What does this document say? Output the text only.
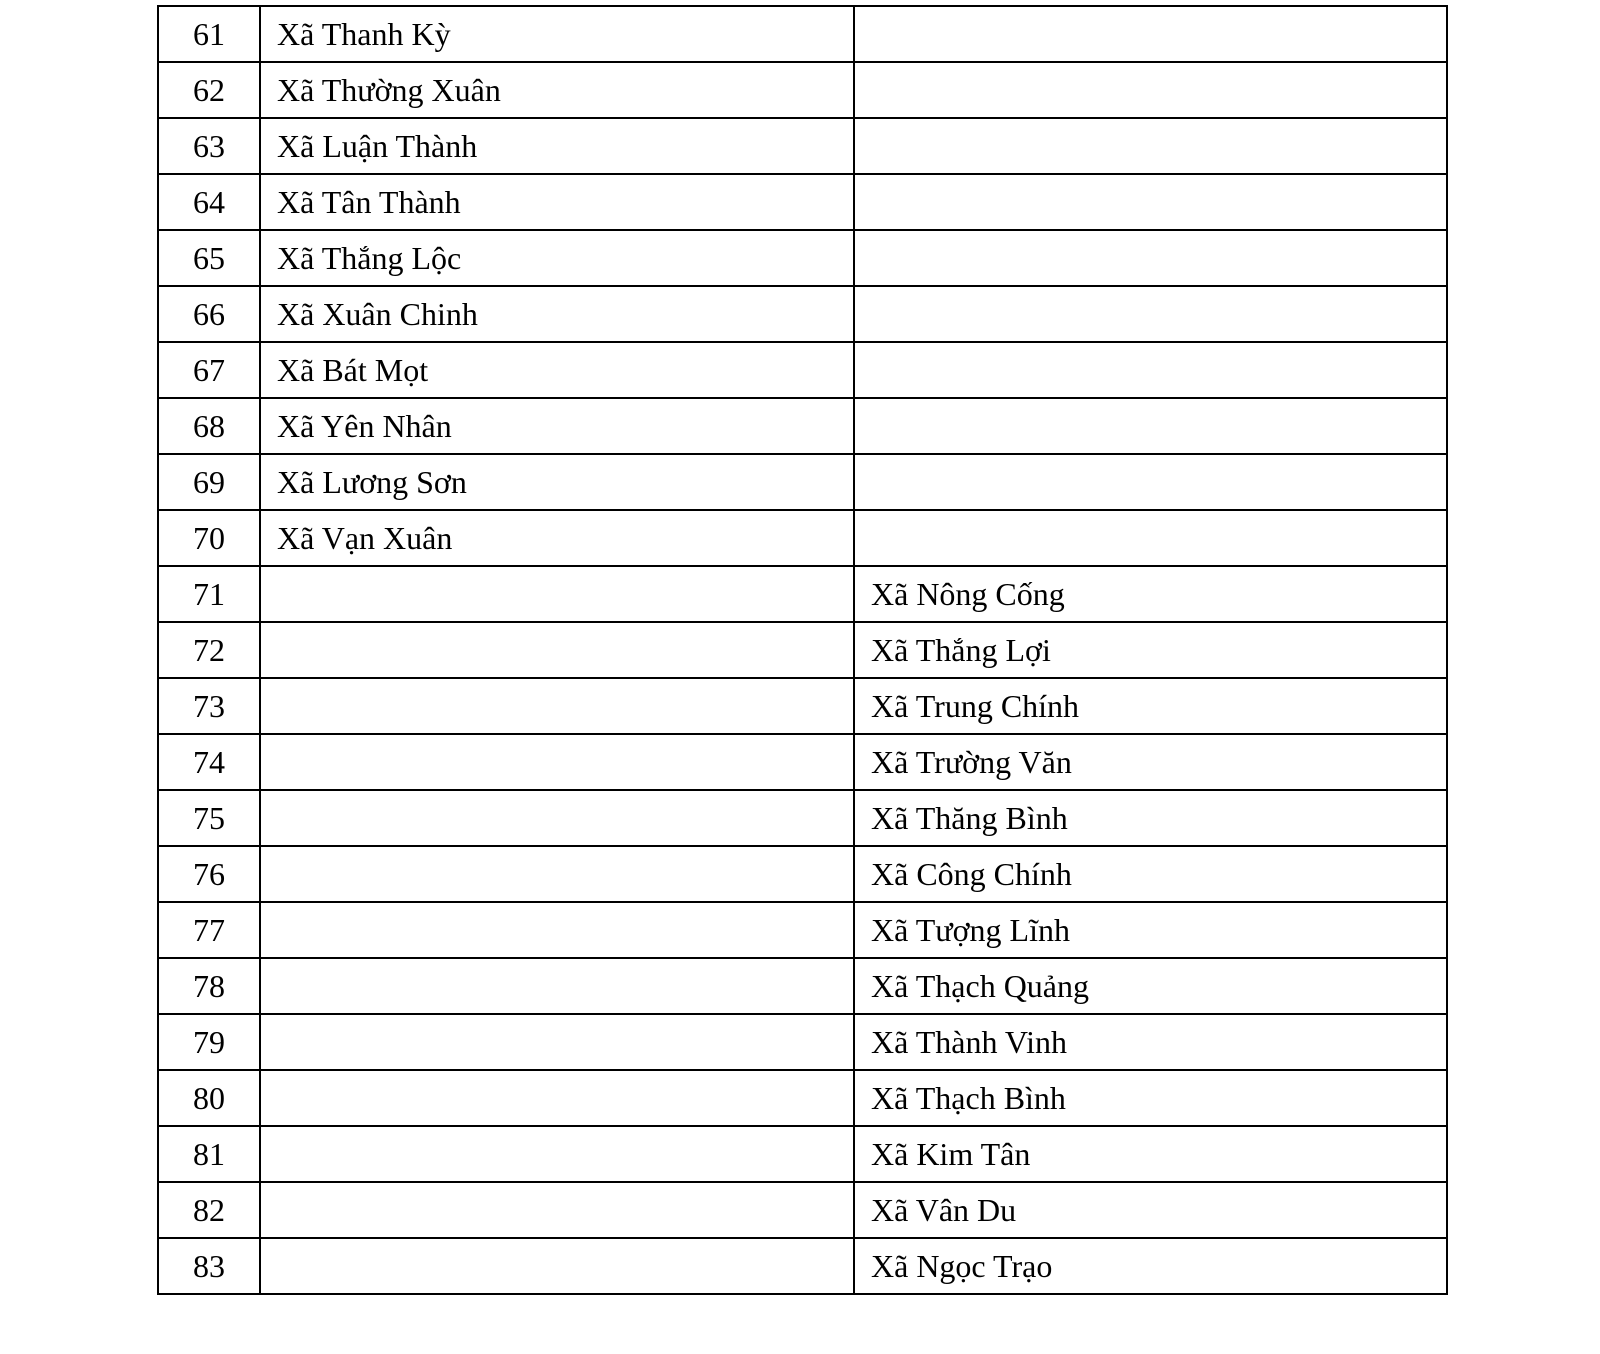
61	Xã Thanh Kỳ	
62	Xã Thường Xuân	
63	Xã Luận Thành	
64	Xã Tân Thành	
65	Xã Thắng Lộc	
66	Xã Xuân Chinh	
67	Xã Bát Mọt	
68	Xã Yên Nhân	
69	Xã Lương Sơn	
70	Xã Vạn Xuân	
71		Xã Nông Cống
72		Xã Thắng Lợi
73		Xã Trung Chính
74		Xã Trường Văn
75		Xã Thăng Bình
76		Xã Công Chính
77		Xã Tượng Lĩnh
78		Xã Thạch Quảng
79		Xã Thành Vinh
80		Xã Thạch Bình
81		Xã Kim Tân
82		Xã Vân Du
83		Xã Ngọc Trạo
